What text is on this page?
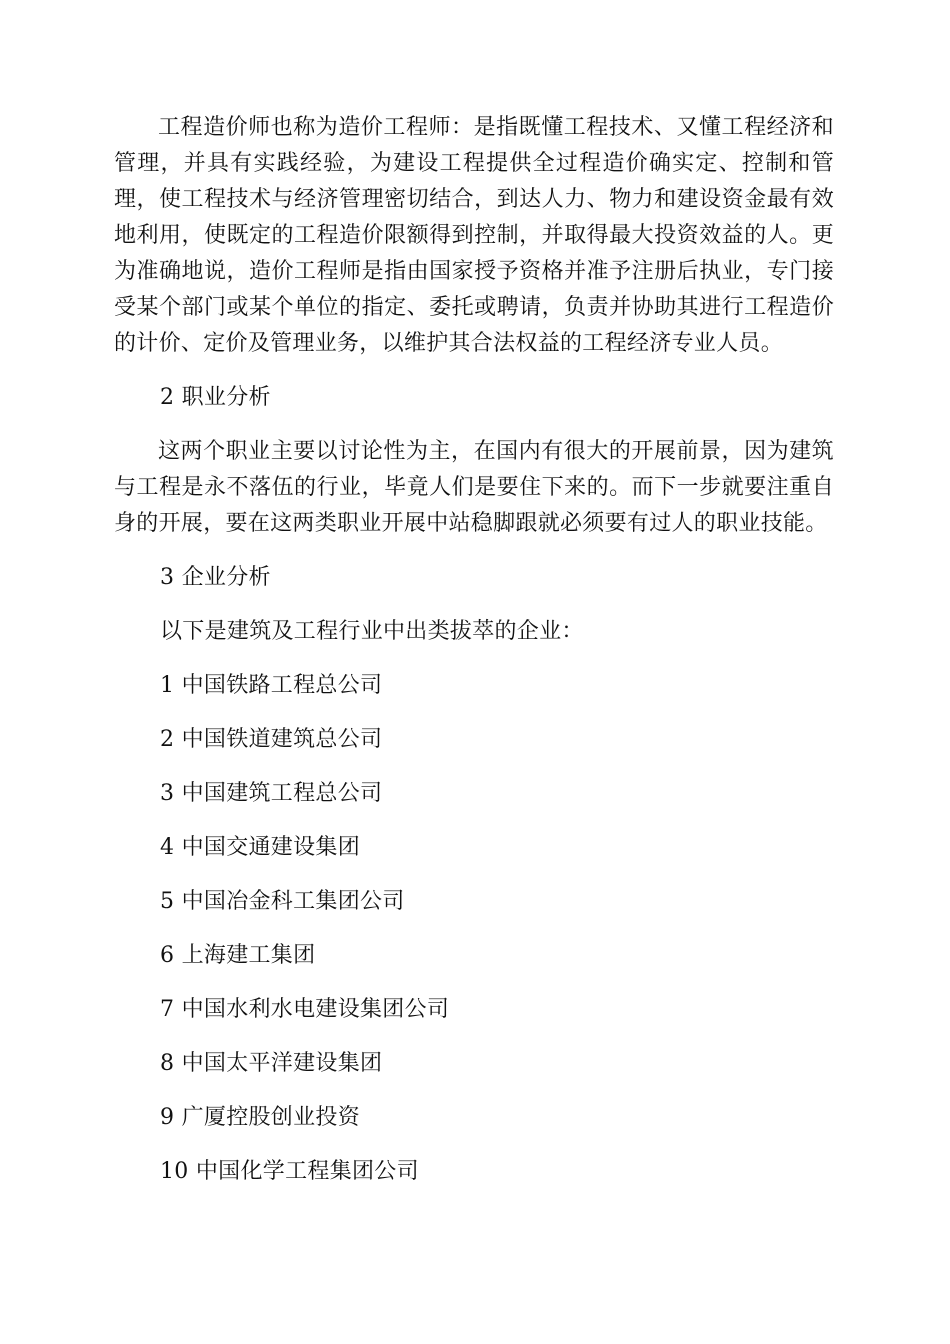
工程造价师也称为造价工程师：是指既懂工程技术、又懂工程经济和管理，并具有实践经验，为建设工程提供全过程造价确实定、控制和管理，使工程技术与经济管理密切结合，到达人力、物力和建设资金最有效地利用，使既定的工程造价限额得到控制，并取得最大投资效益的人。更为准确地说，造价工程师是指由国家授予资格并准予注册后执业，专门接受某个部门或某个单位的指定、委托或聘请，负责并协助其进行工程造价的计价、定价及管理业务，以维护其合法权益的工程经济专业人员。

2 职业分析

这两个职业主要以讨论性为主，在国内有很大的开展前景，因为建筑与工程是永不落伍的行业，毕竟人们是要住下来的。而下一步就要注重自身的开展，要在这两类职业开展中站稳脚跟就必须要有过人的职业技能。

3 企业分析

以下是建筑及工程行业中出类拔萃的企业：

1 中国铁路工程总公司

2 中国铁道建筑总公司

3 中国建筑工程总公司

4 中国交通建设集团

5 中国冶金科工集团公司

6 上海建工集团

7 中国水利水电建设集团公司

8 中国太平洋建设集团

9 广厦控股创业投资

10 中国化学工程集团公司
